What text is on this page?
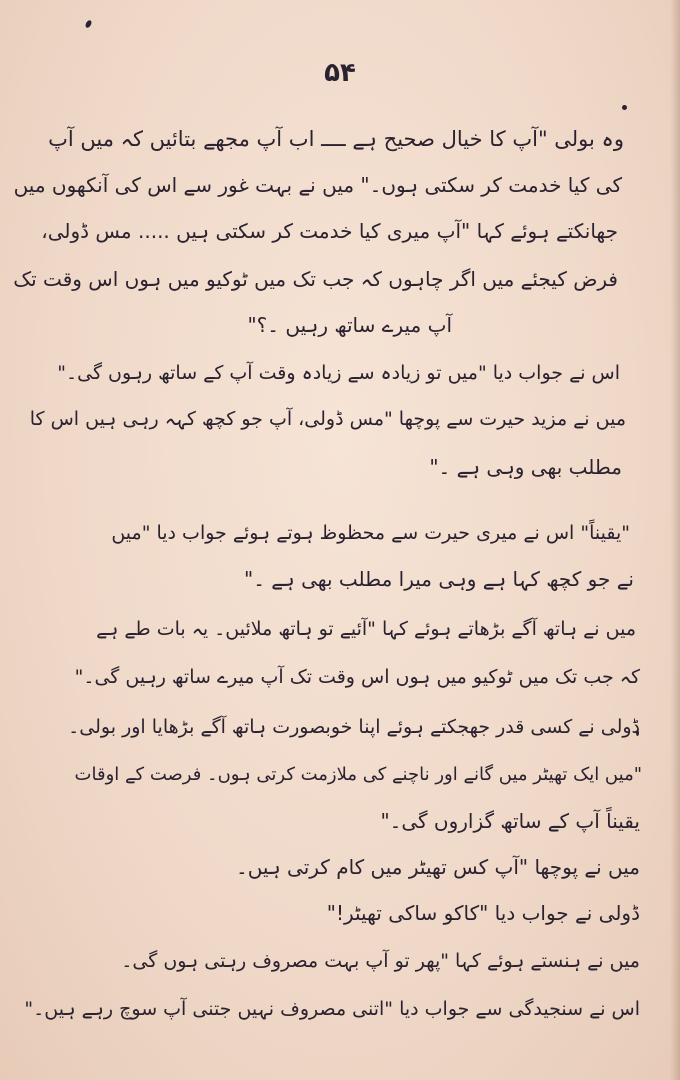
۵۴
وہ بولی "آپ کا خیال صحیح ہے ــــ اب آپ مجھے بتائیں کہ میں آپ
کی کیا خدمت کر سکتی ہوں۔" میں نے بہت غور سے اس کی آنکھوں میں
جھانکتے ہوئے کہا "آپ میری کیا خدمت کر سکتی ہیں ..... مس ڈولی،
فرض کیجئے میں اگر چاہوں کہ جب تک میں ٹوکیو میں ہوں اس وقت تک
آپ میرے ساتھ رہیں ۔؟"
اس نے جواب دیا "میں تو زیادہ سے زیادہ وقت آپ کے ساتھ رہوں گی۔"
میں نے مزید حیرت سے پوچھا "مس ڈولی، آپ جو کچھ کہہ رہی ہیں اس کا
مطلب بھی وہی ہے ۔"
"یقیناً" اس نے میری حیرت سے محظوظ ہوتے ہوئے جواب دیا "میں
نے جو کچھ کہا ہے وہی میرا مطلب بھی ہے ۔"
میں نے ہاتھ آگے بڑھاتے ہوئے کہا "آئیے تو ہاتھ ملائیں۔ یہ بات طے ہے
کہ جب تک میں ٹوکیو میں ہوں اس وقت تک آپ میرے ساتھ رہیں گی۔"
ڈولی نے کسی قدر جھجکتے ہوئے اپنا خوبصورت ہاتھ آگے بڑھایا اور بولی۔
"میں ایک تھیٹر میں گانے اور ناچنے کی ملازمت کرتی ہوں۔ فرصت کے اوقات
یقیناً آپ کے ساتھ گزاروں گی۔"
میں نے پوچھا "آپ کس تھیٹر میں کام کرتی ہیں۔
ڈولی نے جواب دیا "کاکو ساکی تھیٹر!"
میں نے ہنستے ہوئے کہا "پھر تو آپ بہت مصروف رہتی ہوں گی۔
اس نے سنجیدگی سے جواب دیا "اتنی مصروف نہیں جتنی آپ سوچ رہے ہیں۔"
